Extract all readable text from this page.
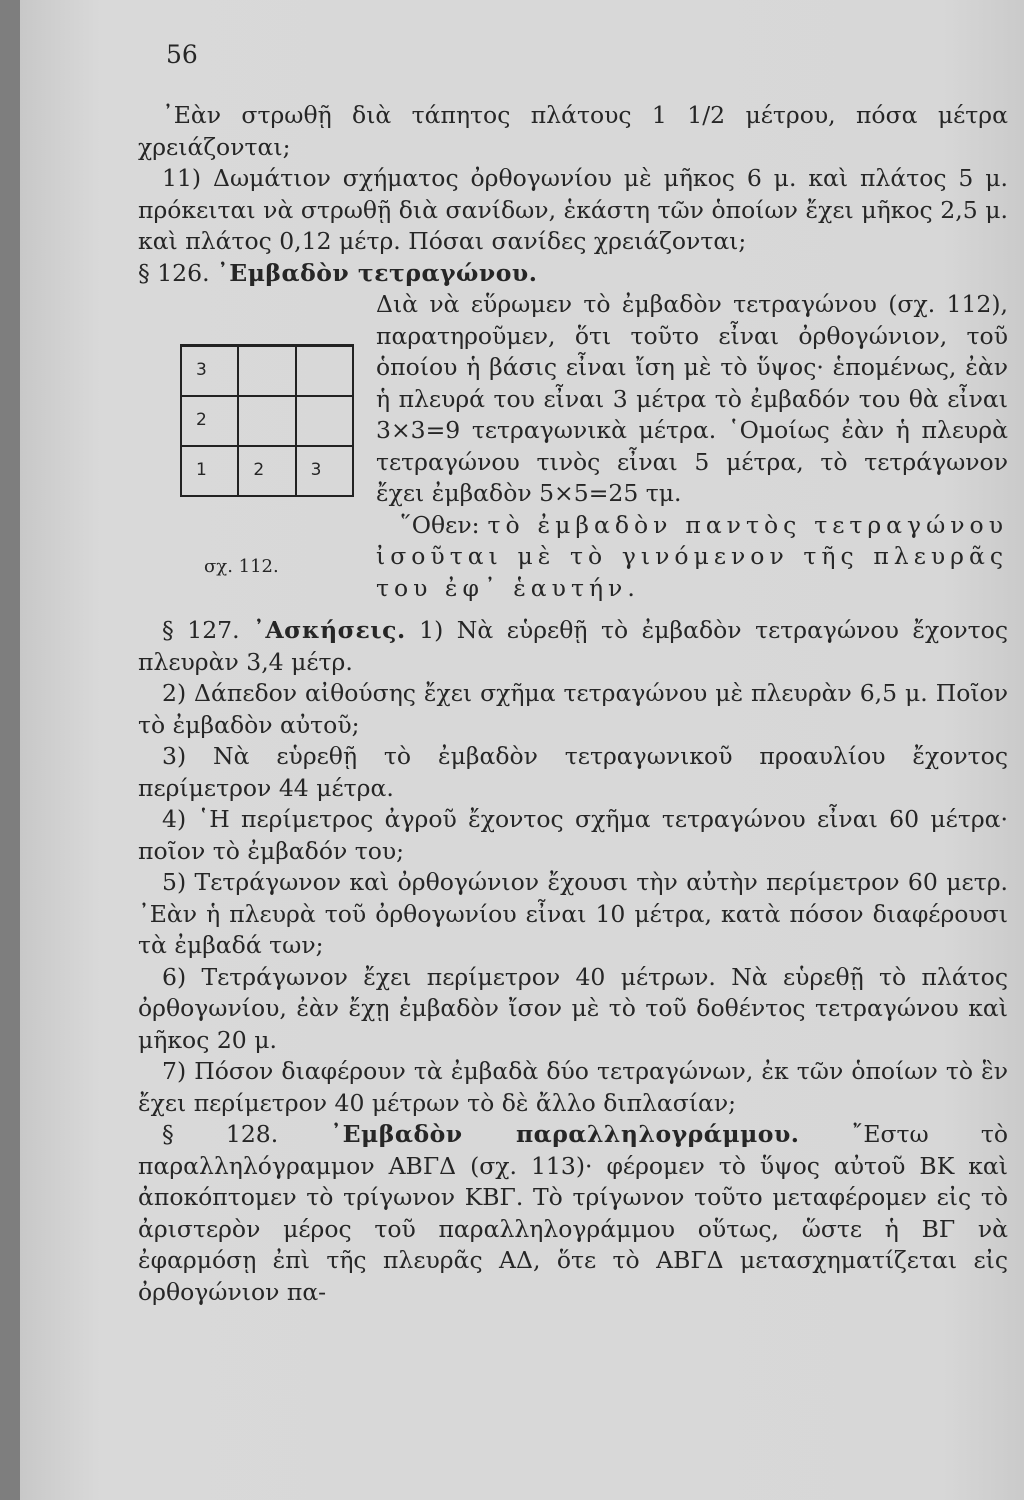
56

᾿Εὰν στρωθῇ διὰ τάπητος πλάτους 1 1/2 μέτρου, πόσα μέτρα χρειάζονται;

11) Δωμάτιον σχήματος ὀρθογωνίου μὲ μῆκος 6 μ. καὶ πλάτος 5 μ. πρόκειται νὰ στρωθῇ διὰ σανίδων, ἑκάστη τῶν ὁποίων ἔχει μῆκος 2,5 μ. καὶ πλάτος 0,12 μέτρ. Πόσαι σανίδες χρειάζονται;

§ 126. ᾿Εμβαδὸν τετραγώνου.

3		
2		
1	2	3
σχ. 112.

Διὰ νὰ εὕρωμεν τὸ ἐμβαδὸν τετραγώνου (σχ. 112), παρατηροῦμεν, ὅτι τοῦτο εἶναι ὀρθογώνιον, τοῦ ὁποίου ἡ βάσις εἶναι ἴση μὲ τὸ ὕψος· ἑπομένως, ἐὰν ἡ πλευρά του εἶναι 3 μέτρα τὸ ἐμβαδόν του θὰ εἶναι 3×3=9 τετραγωνικὰ μέτρα. ῾Ομοίως ἐὰν ἡ πλευρὰ τετραγώνου τινὸς εἶναι 5 μέτρα, τὸ τετράγωνον ἔχει ἐμβαδὸν 5×5=25 τμ.

῞Οθεν: τὸ ἐμβαδὸν παντὸς τετραγώνου ἰσοῦται μὲ τὸ γινόμενον τῆς πλευρᾶς του ἐφ᾿ ἑαυτήν.

§ 127. ᾿Ασκήσεις. 1) Νὰ εὑρεθῇ τὸ ἐμβαδὸν τετραγώνου ἔχοντος πλευρὰν 3,4 μέτρ.

2) Δάπεδον αἰθούσης ἔχει σχῆμα τετραγώνου μὲ πλευρὰν 6,5 μ. Ποῖον τὸ ἐμβαδὸν αὐτοῦ;

3) Νὰ εὑρεθῇ τὸ ἐμβαδὸν τετραγωνικοῦ προαυλίου ἔχοντος περίμετρον 44 μέτρα.

4) ῾Η περίμετρος ἀγροῦ ἔχοντος σχῆμα τετραγώνου εἶναι 60 μέτρα· ποῖον τὸ ἐμβαδόν του;

5) Τετράγωνον καὶ ὀρθογώνιον ἔχουσι τὴν αὐτὴν περίμετρον 60 μετρ. ᾿Εὰν ἡ πλευρὰ τοῦ ὀρθογωνίου εἶναι 10 μέτρα, κατὰ πόσον διαφέρουσι τὰ ἐμβαδά των;

6) Τετράγωνον ἔχει περίμετρον 40 μέτρων. Νὰ εὑρεθῇ τὸ πλάτος ὀρθογωνίου, ἐὰν ἔχῃ ἐμβαδὸν ἴσον μὲ τὸ τοῦ δοθέντος τετραγώνου καὶ μῆκος 20 μ.

7) Πόσον διαφέρουν τὰ ἐμβαδὰ δύο τετραγώνων, ἐκ τῶν ὁποίων τὸ ἓν ἔχει περίμετρον 40 μέτρων τὸ δὲ ἄλλο διπλασίαν;

§ 128. ᾿Εμβαδὸν παραλληλογράμμου. ῎Εστω τὸ παραλληλόγραμμον ΑΒΓΔ (σχ. 113)· φέρομεν τὸ ὕψος αὐτοῦ ΒΚ καὶ ἀποκόπτομεν τὸ τρίγωνον ΚΒΓ. Τὸ τρίγωνον τοῦτο μεταφέρομεν εἰς τὸ ἀριστερὸν μέρος τοῦ παραλληλογράμμου οὕτως, ὥστε ἡ ΒΓ νὰ ἐφαρμόσῃ ἐπὶ τῆς πλευρᾶς ΑΔ, ὅτε τὸ ΑΒΓΔ μετασχηματίζεται εἰς ὀρθογώνιον πα-
